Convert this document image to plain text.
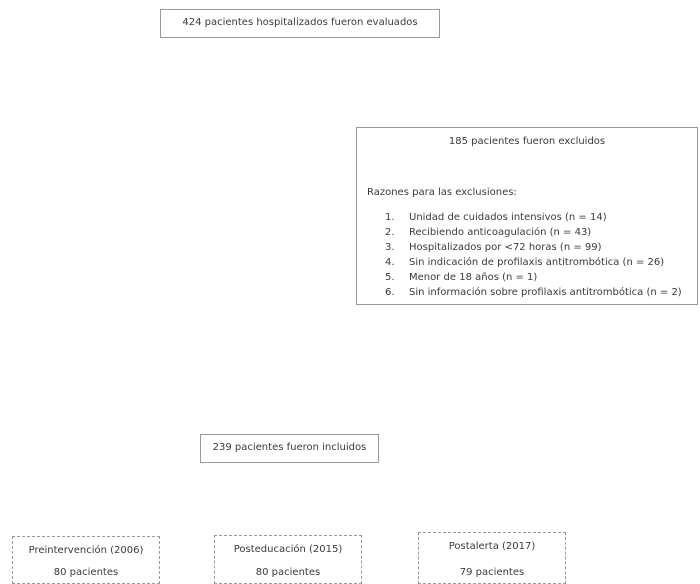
424 pacientes hospitalizados fueron evaluados
185 pacientes fueron excluidos
Razones para las exclusiones:
1.	Unidad de cuidados intensivos (n = 14)
2.	Recibiendo anticoagulación (n = 43)
3.	Hospitalizados por <72 horas (n = 99)
4.	Sin indicación de profilaxis antitrombótica (n = 26)
5.	Menor de 18 años (n = 1)
6.	Sin información sobre profilaxis antitrombótica (n = 2)
239 pacientes fueron incluidos
Preintervención (2006)
80 pacientes
Posteducación (2015)
80 pacientes
Postalerta (2017)
79 pacientes
